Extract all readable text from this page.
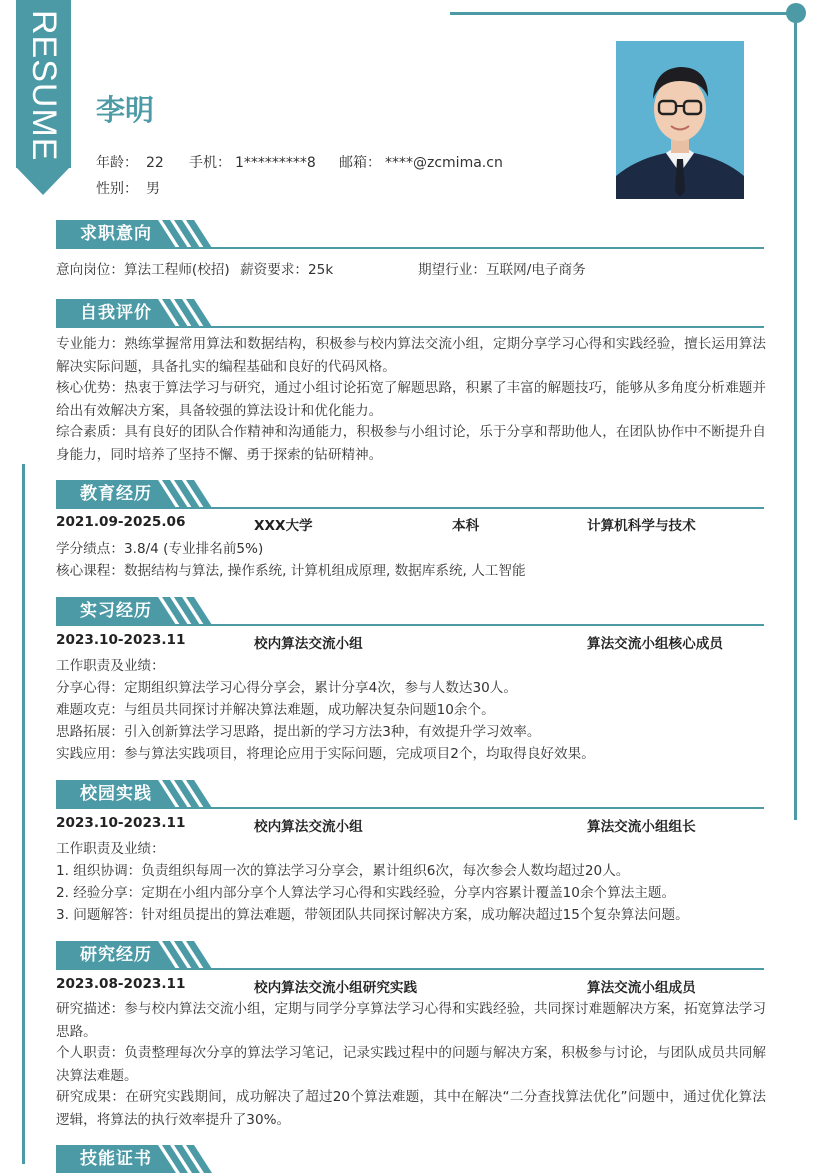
RESUME 李明
年龄： 22 手机： 1*********8 邮箱： ****@zcmima.cn
性别： 男
求职意向
意向岗位：算法工程师(校招) 薪资要求：25k	期望行业：互联网/电子商务
自我评价
专业能力：熟练掌握常用算法和数据结构，积极参与校内算法交流小组，定期分享学习心得和实践经验，擅长运用算法解决实际问题，具备扎实的编程基础和良好的代码风格。
核心优势：热衷于算法学习与研究，通过小组讨论拓宽了解题思路，积累了丰富的解题技巧，能够从多角度分析难题并给出有效解决方案，具备较强的算法设计和优化能力。
综合素质：具有良好的团队合作精神和沟通能力，积极参与小组讨论，乐于分享和帮助他人，在团队协作中不断提升自身能力，同时培养了坚持不懈、勇于探索的钻研精神。
教育经历
2021.09-2025.06	XXX大学	本科	计算机科学与技术
学分绩点：3.8/4 (专业排名前5%)
核心课程：数据结构与算法, 操作系统, 计算机组成原理, 数据库系统, 人工智能
实习经历
2023.10-2023.11	校内算法交流小组	算法交流小组核心成员
工作职责及业绩：
分享心得：定期组织算法学习心得分享会，累计分享4次，参与人数达30人。
难题攻克：与组员共同探讨并解决算法难题，成功解决复杂问题10余个。
思路拓展：引入创新算法学习思路，提出新的学习方法3种，有效提升学习效率。
实践应用：参与算法实践项目，将理论应用于实际问题，完成项目2个，均取得良好效果。
校园实践
2023.10-2023.11	校内算法交流小组	算法交流小组组长
工作职责及业绩：
1. 组织协调：负责组织每周一次的算法学习分享会，累计组织6次，每次参会人数均超过20人。
2. 经验分享：定期在小组内部分享个人算法学习心得和实践经验，分享内容累计覆盖10余个算法主题。
3. 问题解答：针对组员提出的算法难题，带领团队共同探讨解决方案，成功解决超过15个复杂算法问题。
研究经历
2023.08-2023.11	校内算法交流小组研究实践	算法交流小组成员
研究描述：参与校内算法交流小组，定期与同学分享算法学习心得和实践经验，共同探讨难题解决方案，拓宽算法学习思路。
个人职责：负责整理每次分享的算法学习笔记，记录实践过程中的问题与解决方案，积极参与讨论，与团队成员共同解决算法难题。
研究成果：在研究实践期间，成功解决了超过20个算法难题，其中在解决“二分查找算法优化”问题中，通过优化算法逻辑，将算法的执行效率提升了30%。
技能证书
